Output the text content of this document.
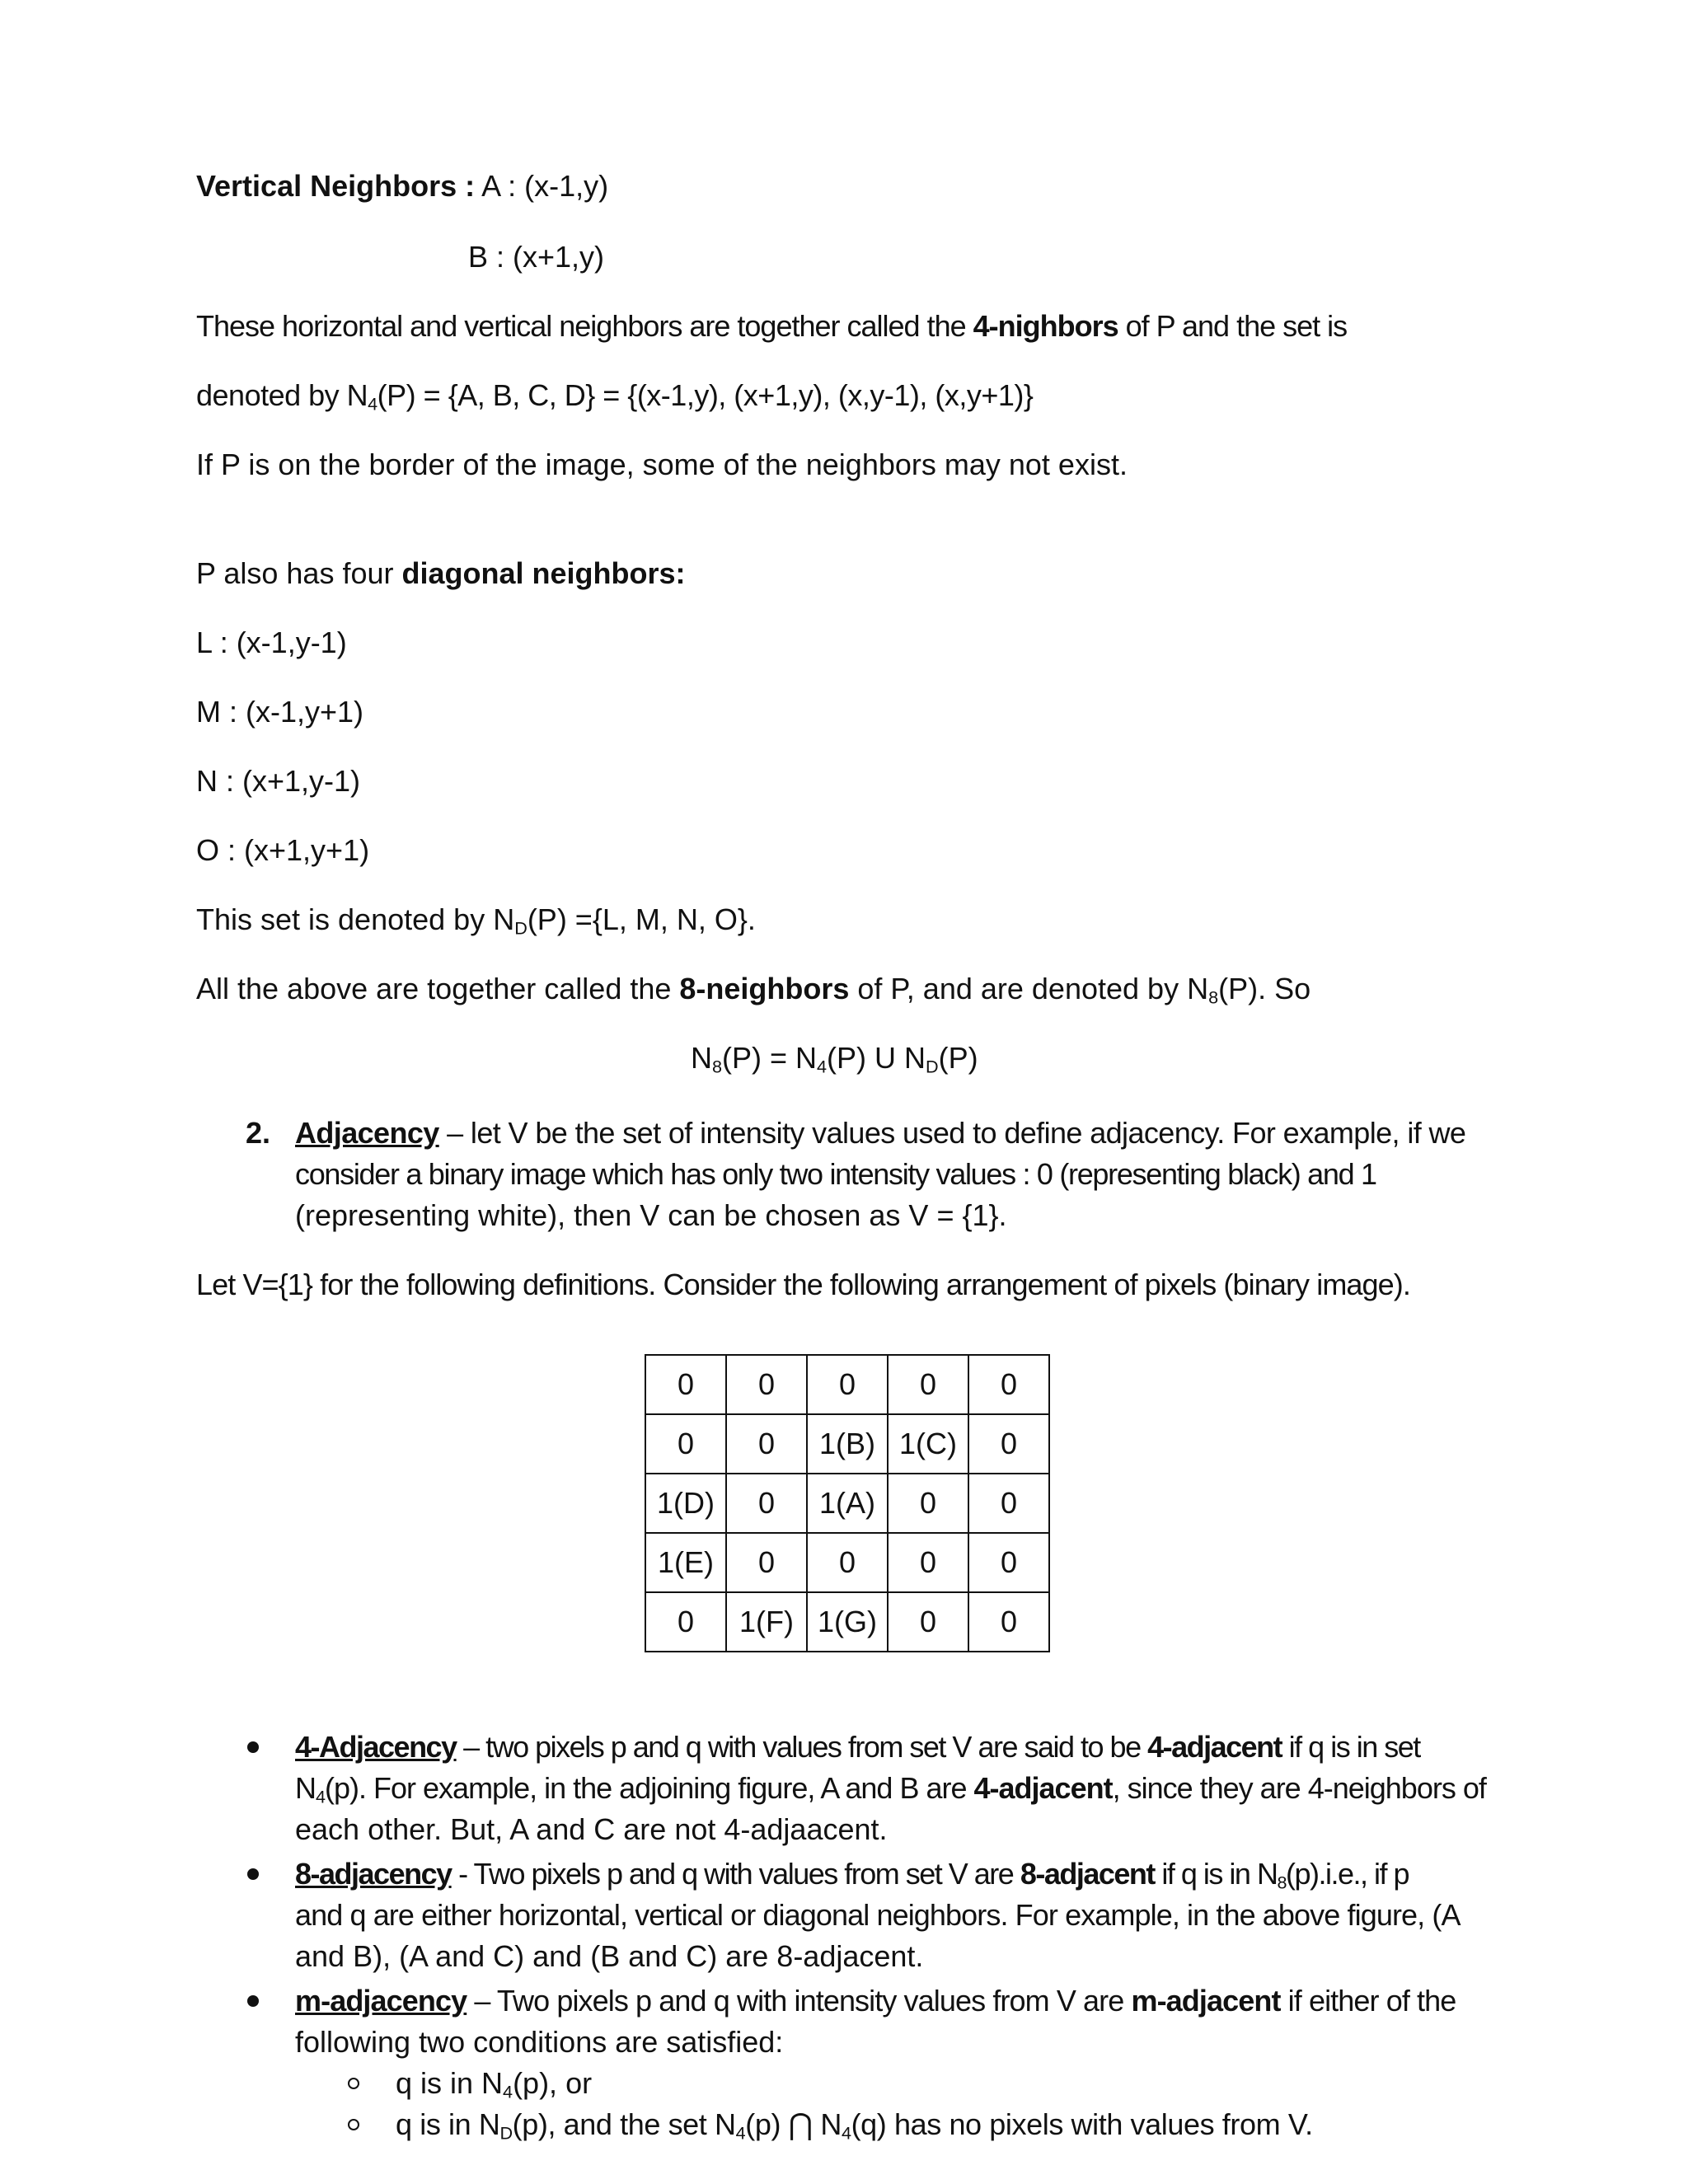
Vertical Neighbors : A : (x-1,y)
B : (x+1,y)
These horizontal and vertical neighbors are together called the 4-nighbors of P and the set is
denoted by $N_4(P) = \{A$, B, C, D} = {(x-1,y), (x+1,y), (x,y-1), (x,y+1)}
If P is on the border of the image, some of the neighbors may not exist.
P also has four diagonal neighbors:
L : (x-1,y-1)
M : (x-1,y+1)
N : (x+1,y-1)
O : (x+1,y+1)
This set is denoted by $N_D(P) =\{L$, M, N, O}.
All the above are together called the 8-neighbors of P, and are denoted by $N_8(P)$. So
$N_8(P) = N_4(P)$ U $N_D(P)$
2. Adjacency – let V be the set of intensity values used to define adjacency. For example, if we
consider a binary image which has only two intensity values : 0 (representing black) and 1
(representing white), then V can be chosen as V = {1}.
Let V={1} for the following definitions. Consider the following arrangement of pixels (binary image).
0	0	0	0	0
0	0	1(B)	1(C)	0
1(D)	0	1(A)	0	0
1(E)	0	0	0	0
0	1(F)	1(G)	0	0
4-Adjacency – two pixels p and q with values from set V are said to be 4-adjacent if q is in set
$N_4(p)$. For example, in the adjoining figure, A and B are 4-adjacent, since they are 4-neighbors of
each other. But, A and C are not 4-adjaacent.
8-adjacency - Two pixels p and q with values from set V are 8-adjacent if q is in $N_8(p).i.e$., if p
and q are either horizontal, vertical or diagonal neighbors. For example, in the above figure, (A
and B), (A and C) and (B and C) are 8-adjacent.
m-adjacency – Two pixels p and q with intensity values from V are m-adjacent if either of the
following two conditions are satisfied:
q is in $N_4(p)$, or
q is in $N_D(p)$, and the set $N_4(p)$ ⋂ $N_4(q)$ has no pixels with values from V.
